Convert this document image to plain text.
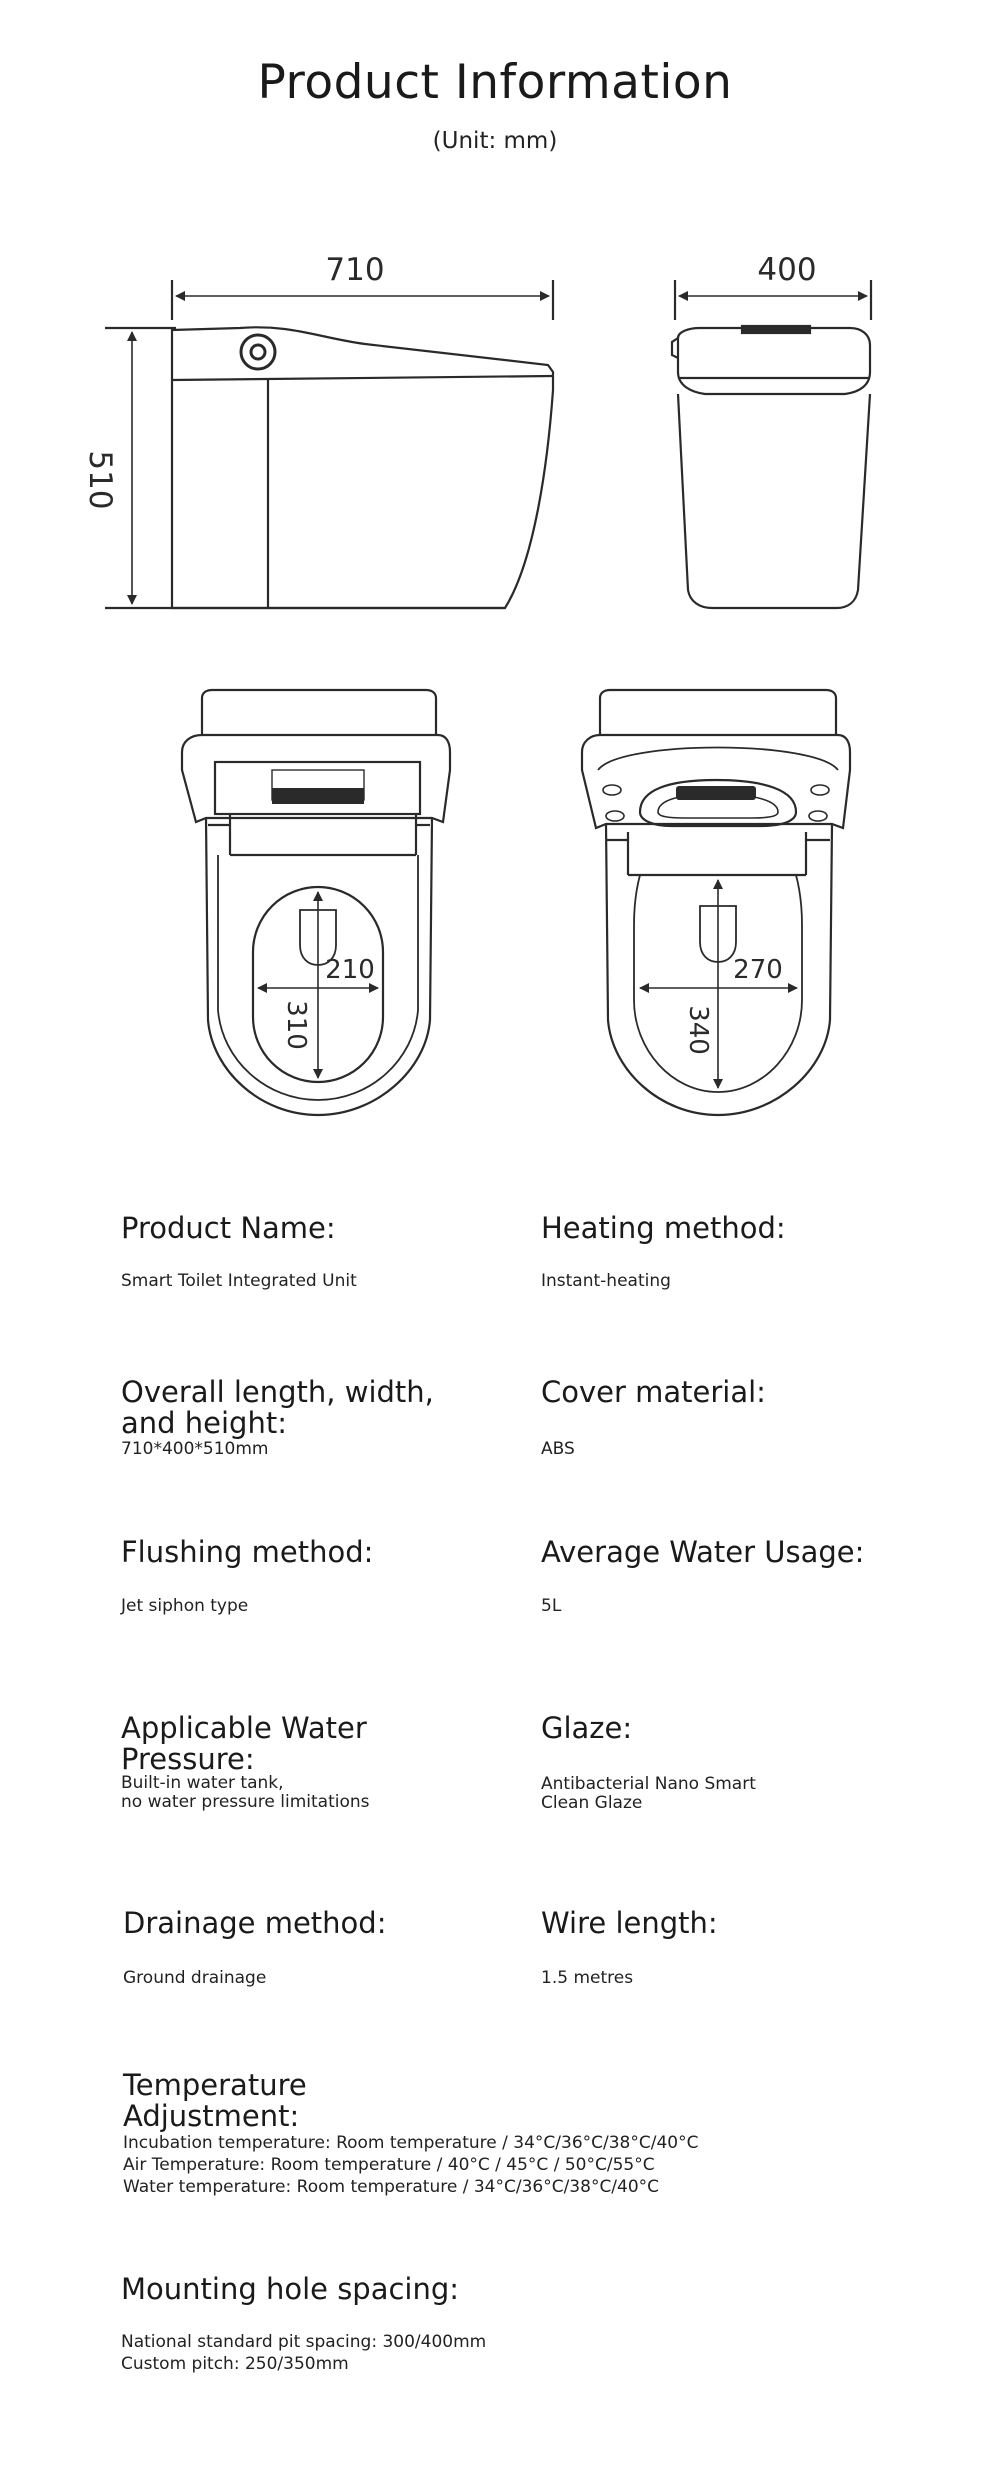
Product Information
(Unit: mm)
710
510
400
210
310
270
340
Product Name:
Smart Toilet Integrated Unit
Heating method:
Instant-heating
Overall length, width,
and height:
710*400*510mm
Cover material:
ABS
Flushing method:
Jet siphon type
Average Water Usage:
5L
Applicable Water
Pressure:
Built-in water tank,
no water pressure limitations
Glaze:
Antibacterial Nano Smart
Clean Glaze
Drainage method:
Ground drainage
Wire length:
1.5 metres
Temperature
Adjustment:
Incubation temperature: Room temperature / 34°C/36°C/38°C/40°C
Air Temperature: Room temperature / 40°C / 45°C / 50°C/55°C
Water temperature: Room temperature / 34°C/36°C/38°C/40°C
Mounting hole spacing:
National standard pit spacing: 300/400mm
Custom pitch: 250/350mm
